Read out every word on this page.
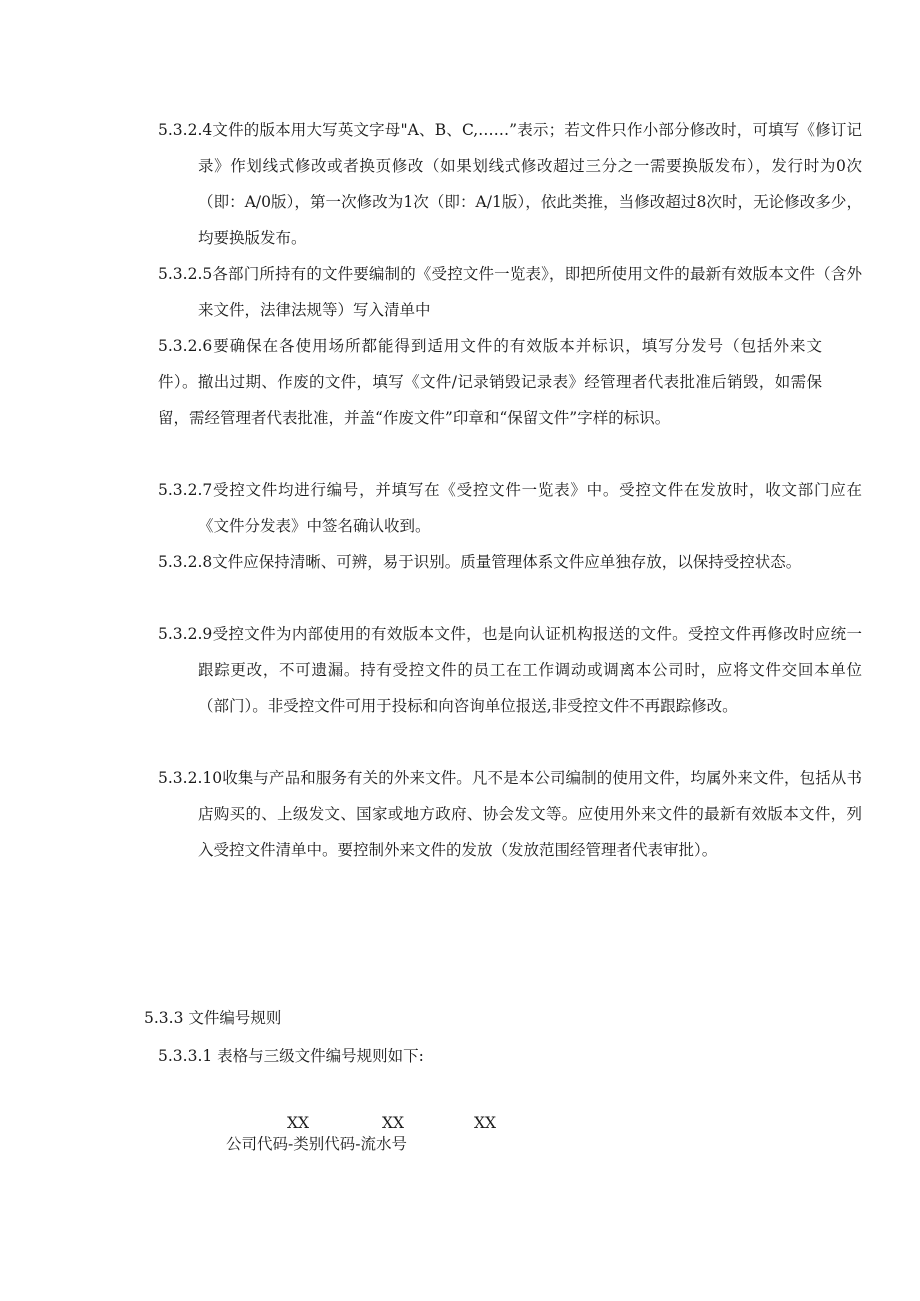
5.3.2.4文件的版本用大写英文字母"A、B、C,……”表示；若文件只作小部分修改时，可填写《修订记录》作划线式修改或者换页修改（如果划线式修改超过三分之一需要换版发布），发行时为0次（即：A/0版），第一次修改为1次（即：A/1版），依此类推，当修改超过8次时，无论修改多少，均要换版发布。

5.3.2.5各部门所持有的文件要编制的《受控文件一览表》，即把所使用文件的最新有效版本文件（含外来文件，法律法规等）写入清单中

5.3.2.6要确保在各使用场所都能得到适用文件的有效版本并标识，填写分发号（包括外来文件）。撤出过期、作废的文件，填写《文件/记录销毁记录表》经管理者代表批准后销毁，如需保留，需经管理者代表批准，并盖“作废文件”印章和“保留文件”字样的标识。

5.3.2.7受控文件均进行编号，并填写在《受控文件一览表》中。受控文件在发放时，收文部门应在《文件分发表》中签名确认收到。

5.3.2.8文件应保持清晰、可辨，易于识别。质量管理体系文件应单独存放，以保持受控状态。

5.3.2.9受控文件为内部使用的有效版本文件，也是向认证机构报送的文件。受控文件再修改时应统一跟踪更改，不可遗漏。持有受控文件的员工在工作调动或调离本公司时，应将文件交回本单位（部门）。非受控文件可用于投标和向咨询单位报送,非受控文件不再跟踪修改。

5.3.2.10收集与产品和服务有关的外来文件。凡不是本公司编制的使用文件，均属外来文件，包括从书店购买的、上级发文、国家或地方政府、协会发文等。应使用外来文件的最新有效版本文件，列入受控文件清单中。要控制外来文件的发放（发放范围经管理者代表审批）。

5.3.3 文件编号规则

5.3.3.1 表格与三级文件编号规则如下:

XX	XX	XX

公司代码-类别代码-流水号
